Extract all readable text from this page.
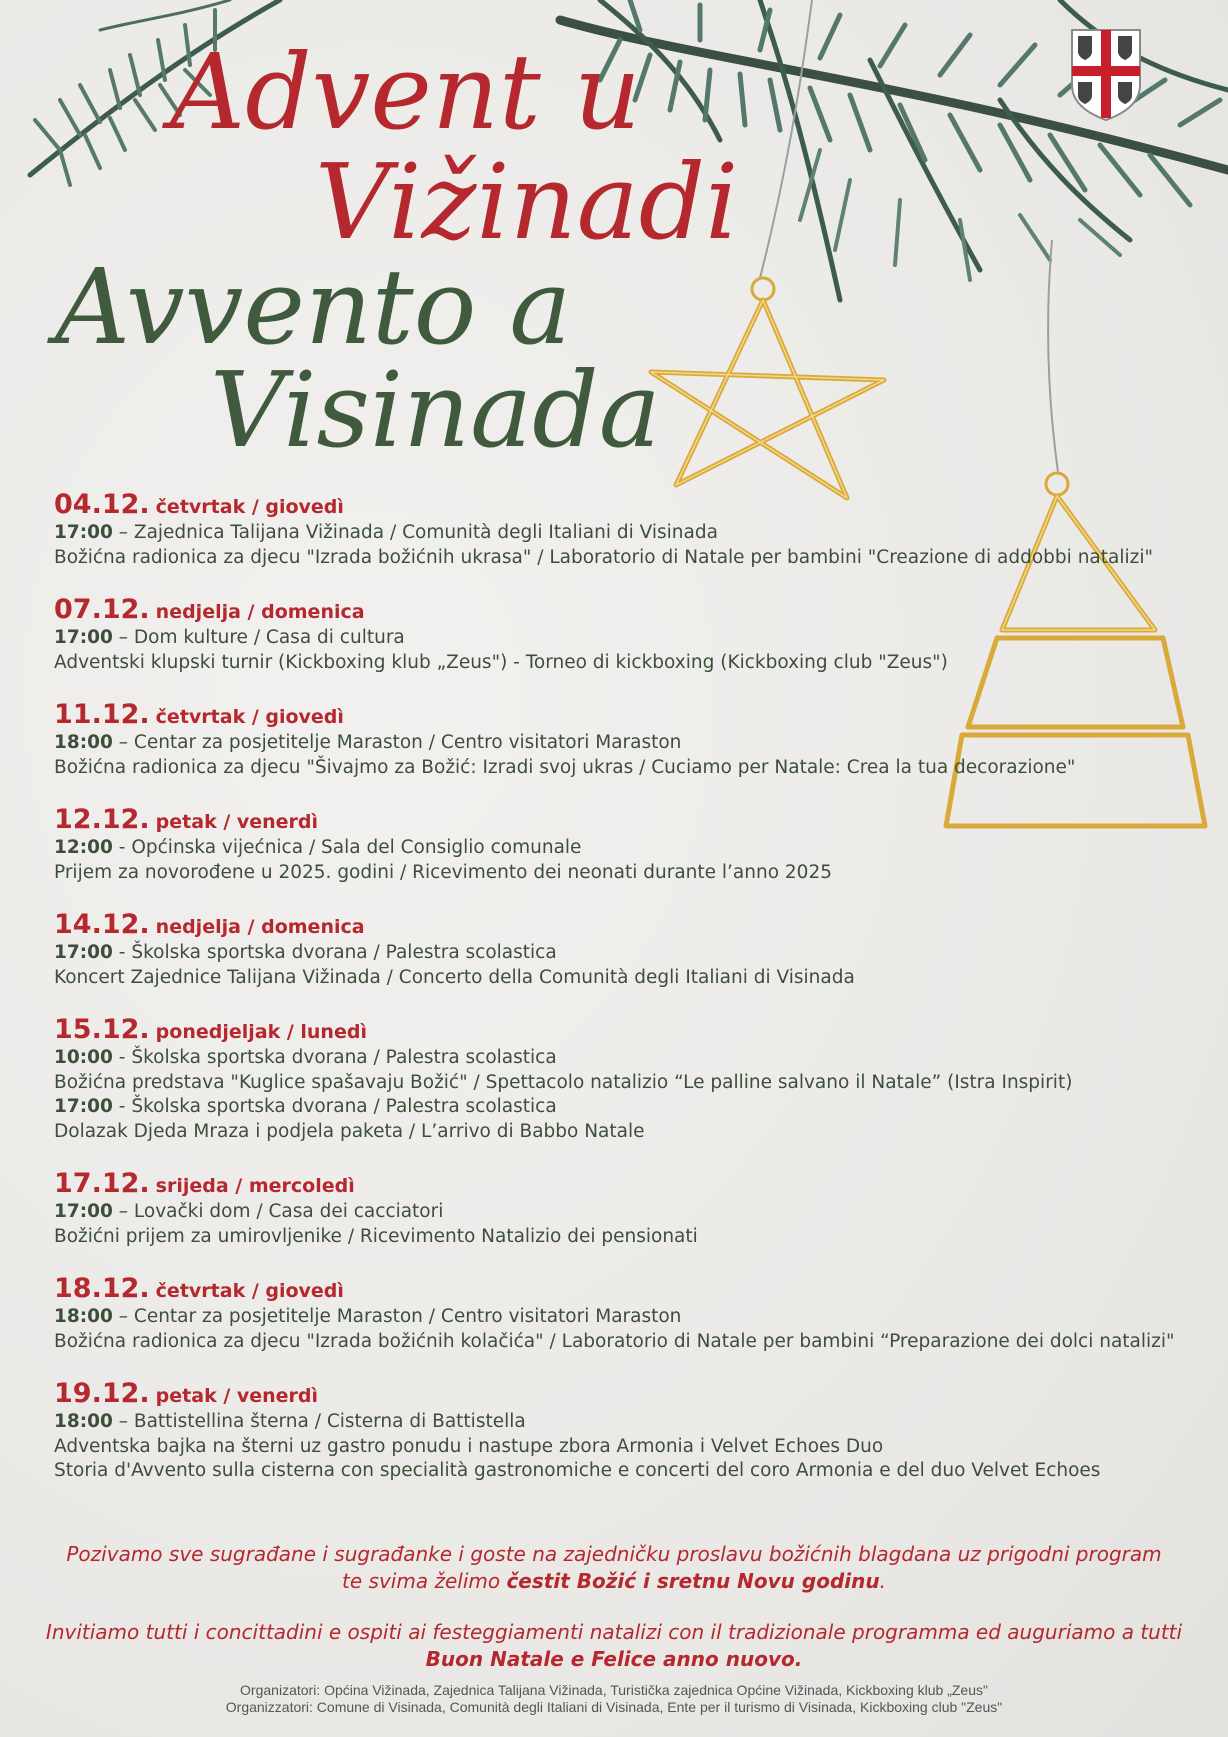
Advent u
Vižinadi
Avvento a
Visinada
04.12. četvrtak / giovedì
17:00 – Zajednica Talijana Vižinada / Comunità degli Italiani di Visinada
Božićna radionica za djecu "Izrada božićnih ukrasa" / Laboratorio di Natale per bambini "Creazione di addobbi natalizi"
07.12. nedjelja / domenica
17:00 – Dom kulture / Casa di cultura
Adventski klupski turnir (Kickboxing klub „Zeus") - Torneo di kickboxing (Kickboxing club "Zeus")
11.12. četvrtak / giovedì
18:00 – Centar za posjetitelje Maraston / Centro visitatori Maraston
Božićna radionica za djecu "Šivajmo za Božić: Izradi svoj ukras / Cuciamo per Natale: Crea la tua decorazione"
12.12. petak / venerdì
12:00 - Općinska vijećnica / Sala del Consiglio comunale
Prijem za novorođene u 2025. godini / Ricevimento dei neonati durante l’anno 2025
14.12. nedjelja / domenica
17:00 - Školska sportska dvorana / Palestra scolastica
Koncert Zajednice Talijana Vižinada / Concerto della Comunità degli Italiani di Visinada
15.12. ponedjeljak / lunedì
10:00 - Školska sportska dvorana / Palestra scolastica
Božićna predstava "Kuglice spašavaju Božić" / Spettacolo natalizio “Le palline salvano il Natale” (Istra Inspirit)
17:00 - Školska sportska dvorana / Palestra scolastica
Dolazak Djeda Mraza i podjela paketa / L’arrivo di Babbo Natale
17.12. srijeda / mercoledì
17:00 – Lovački dom / Casa dei cacciatori
Božićni prijem za umirovljenike / Ricevimento Natalizio dei pensionati
18.12. četvrtak / giovedì
18:00 – Centar za posjetitelje Maraston / Centro visitatori Maraston
Božićna radionica za djecu "Izrada božićnih kolačića" / Laboratorio di Natale per bambini “Preparazione dei dolci natalizi"
19.12. petak / venerdì
18:00 – Battistellina šterna / Cisterna di Battistella
Adventska bajka na šterni uz gastro ponudu i nastupe zbora Armonia i Velvet Echoes Duo
Storia d'Avvento sulla cisterna con specialità gastronomiche e concerti del coro Armonia e del duo Velvet Echoes
Pozivamo sve sugrađane i sugrađanke i goste na zajedničku proslavu božićnih blagdana uz prigodni program
te svima želimo čestit Božić i sretnu Novu godinu.
Invitiamo tutti i concittadini e ospiti ai festeggiamenti natalizi con il tradizionale programma ed auguriamo a tutti
Buon Natale e Felice anno nuovo.
Organizatori: Općina Vižinada, Zajednica Talijana Vižinada, Turistička zajednica Općine Vižinada, Kickboxing klub „Zeus"
Organizzatori: Comune di Visinada, Comunità degli Italiani di Visinada, Ente per il turismo di Visinada, Kickboxing club "Zeus"
